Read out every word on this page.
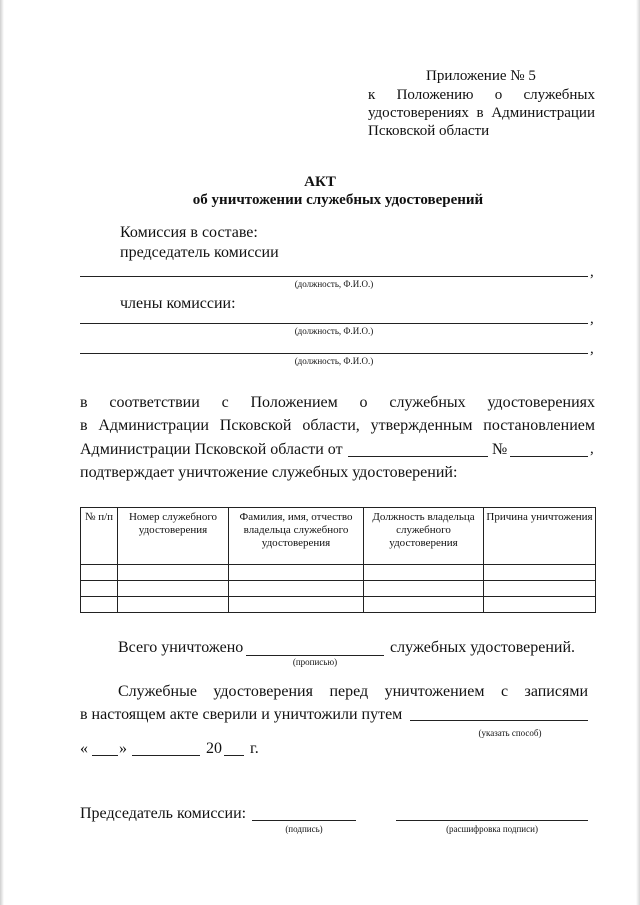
Приложение № 5
к Положению о служебных
удостоверениях в Администрации
Псковской области
АКТ
об уничтожении служебных удостоверений
Комиссия в составе:
председатель комиссии
,
(должность, Ф.И.О.)
члены комиссии:
,
(должность, Ф.И.О.)
,
(должность, Ф.И.О.)
в соответствии с Положением о служебных удостоверениях
в Администрации Псковской области, утвержденным постановлением
Администрации Псковской области от	№	,
подтверждает уничтожение служебных удостоверений:
№ п/п	Номер служебного удостоверения	Фамилия, имя, отчество владельца служебного удостоверения	Должность владельца служебного удостоверения	Причина уничтожения

Всего уничтожено	служебных удостоверений.
(прописью)
Служебные удостоверения перед уничтожением с записями
в настоящем акте сверили и уничтожили путем
(указать способ)
« »	20 г.
Председатель комиссии:
(подпись)	(расшифровка подписи)
